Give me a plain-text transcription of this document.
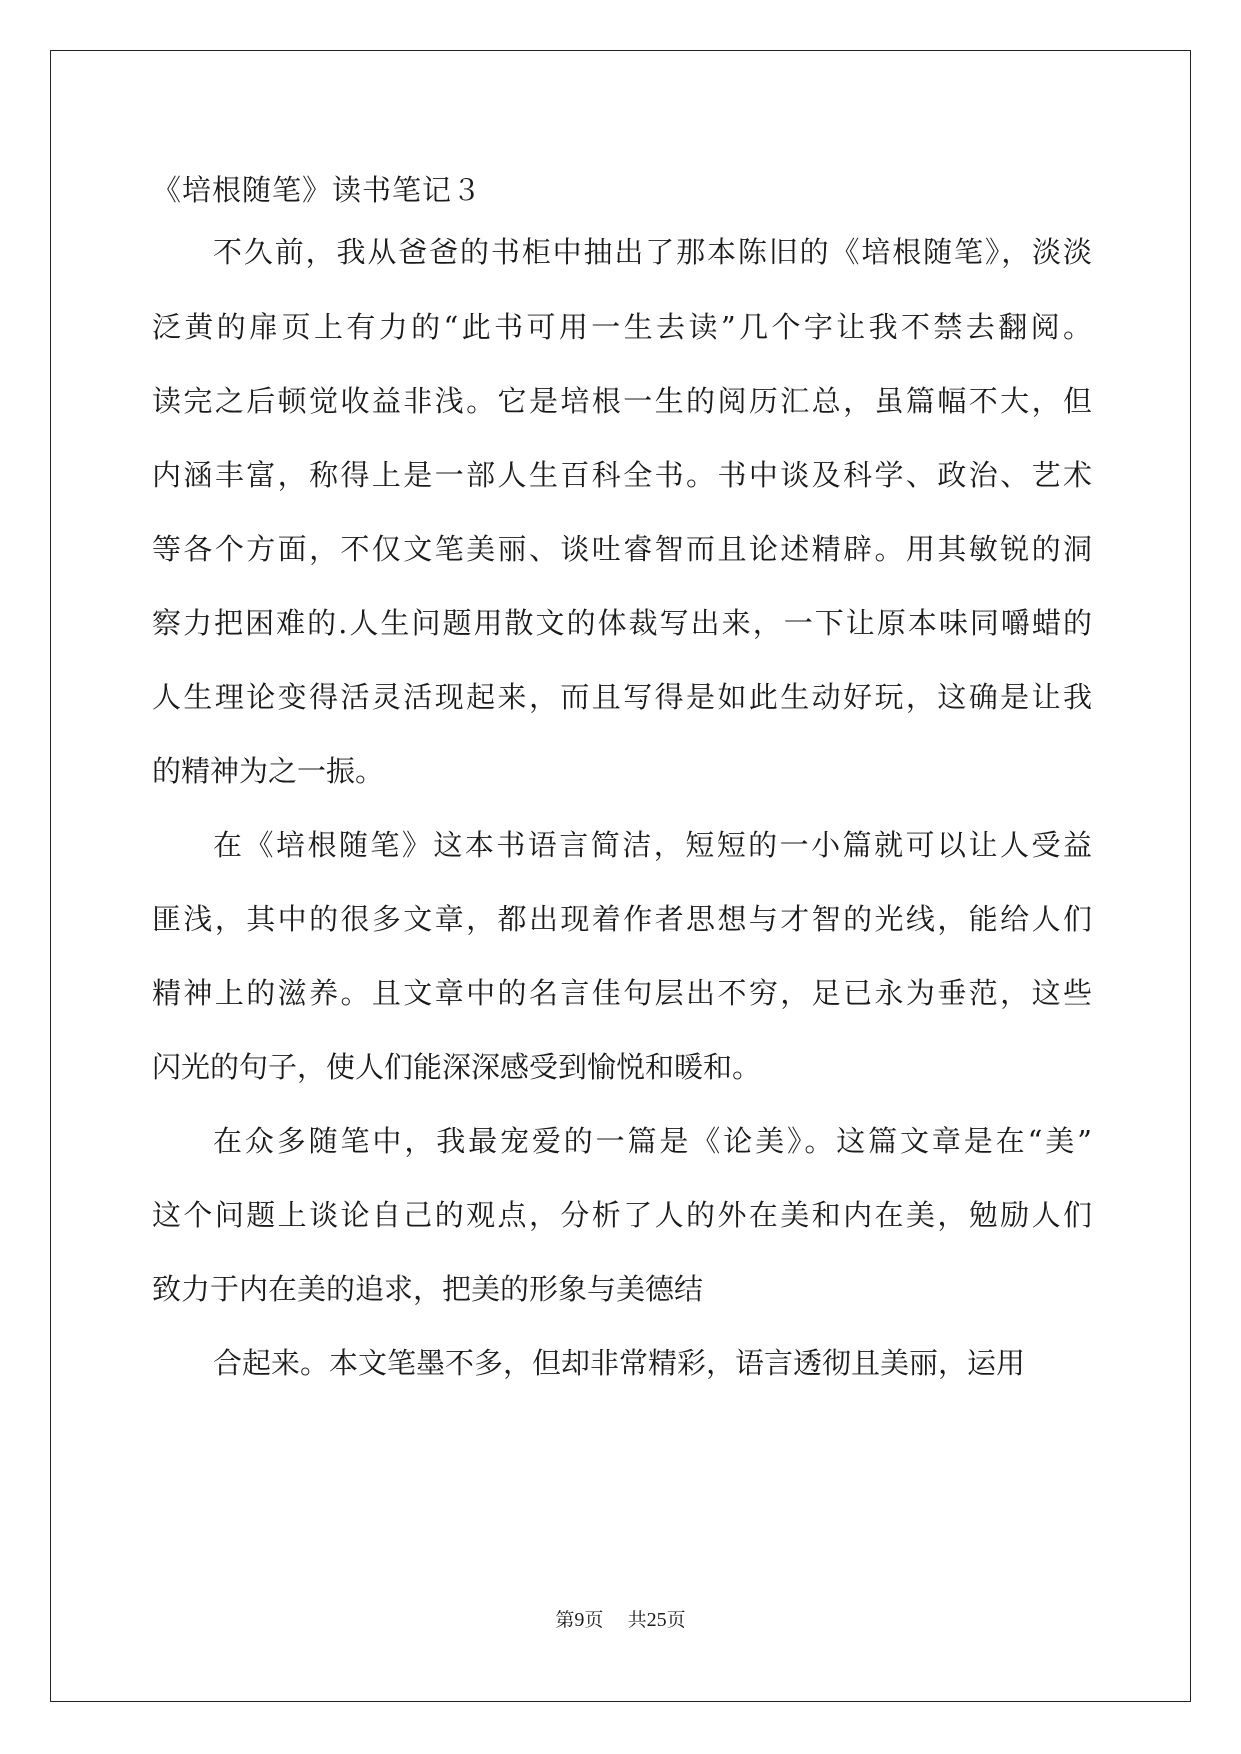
《培根随笔》读书笔记３
不久前，我从爸爸的书柜中抽出了那本陈旧的《培根随笔》，淡淡
泛黄的扉页上有力的“此书可用一生去读”几个字让我不禁去翻阅。
读完之后顿觉收益非浅。它是培根一生的阅历汇总，虽篇幅不大，但
内涵丰富，称得上是一部人生百科全书。书中谈及科学、政治、艺术
等各个方面，不仅文笔美丽、谈吐睿智而且论述精辟。用其敏锐的洞
察力把困难的.人生问题用散文的体裁写出来，一下让原本味同嚼蜡的
人生理论变得活灵活现起来，而且写得是如此生动好玩，这确是让我
的精神为之一振。
在《培根随笔》这本书语言简洁，短短的一小篇就可以让人受益
匪浅，其中的很多文章，都出现着作者思想与才智的光线，能给人们
精神上的滋养。且文章中的名言佳句层出不穷，足已永为垂范，这些
闪光的句子，使人们能深深感受到愉悦和暖和。
在众多随笔中，我最宠爱的一篇是《论美》。这篇文章是在“美”
这个问题上谈论自己的观点，分析了人的外在美和内在美，勉励人们
致力于内在美的追求，把美的形象与美德结
合起来。本文笔墨不多，但却非常精彩，语言透彻且美丽，运用
第9页 共25页
